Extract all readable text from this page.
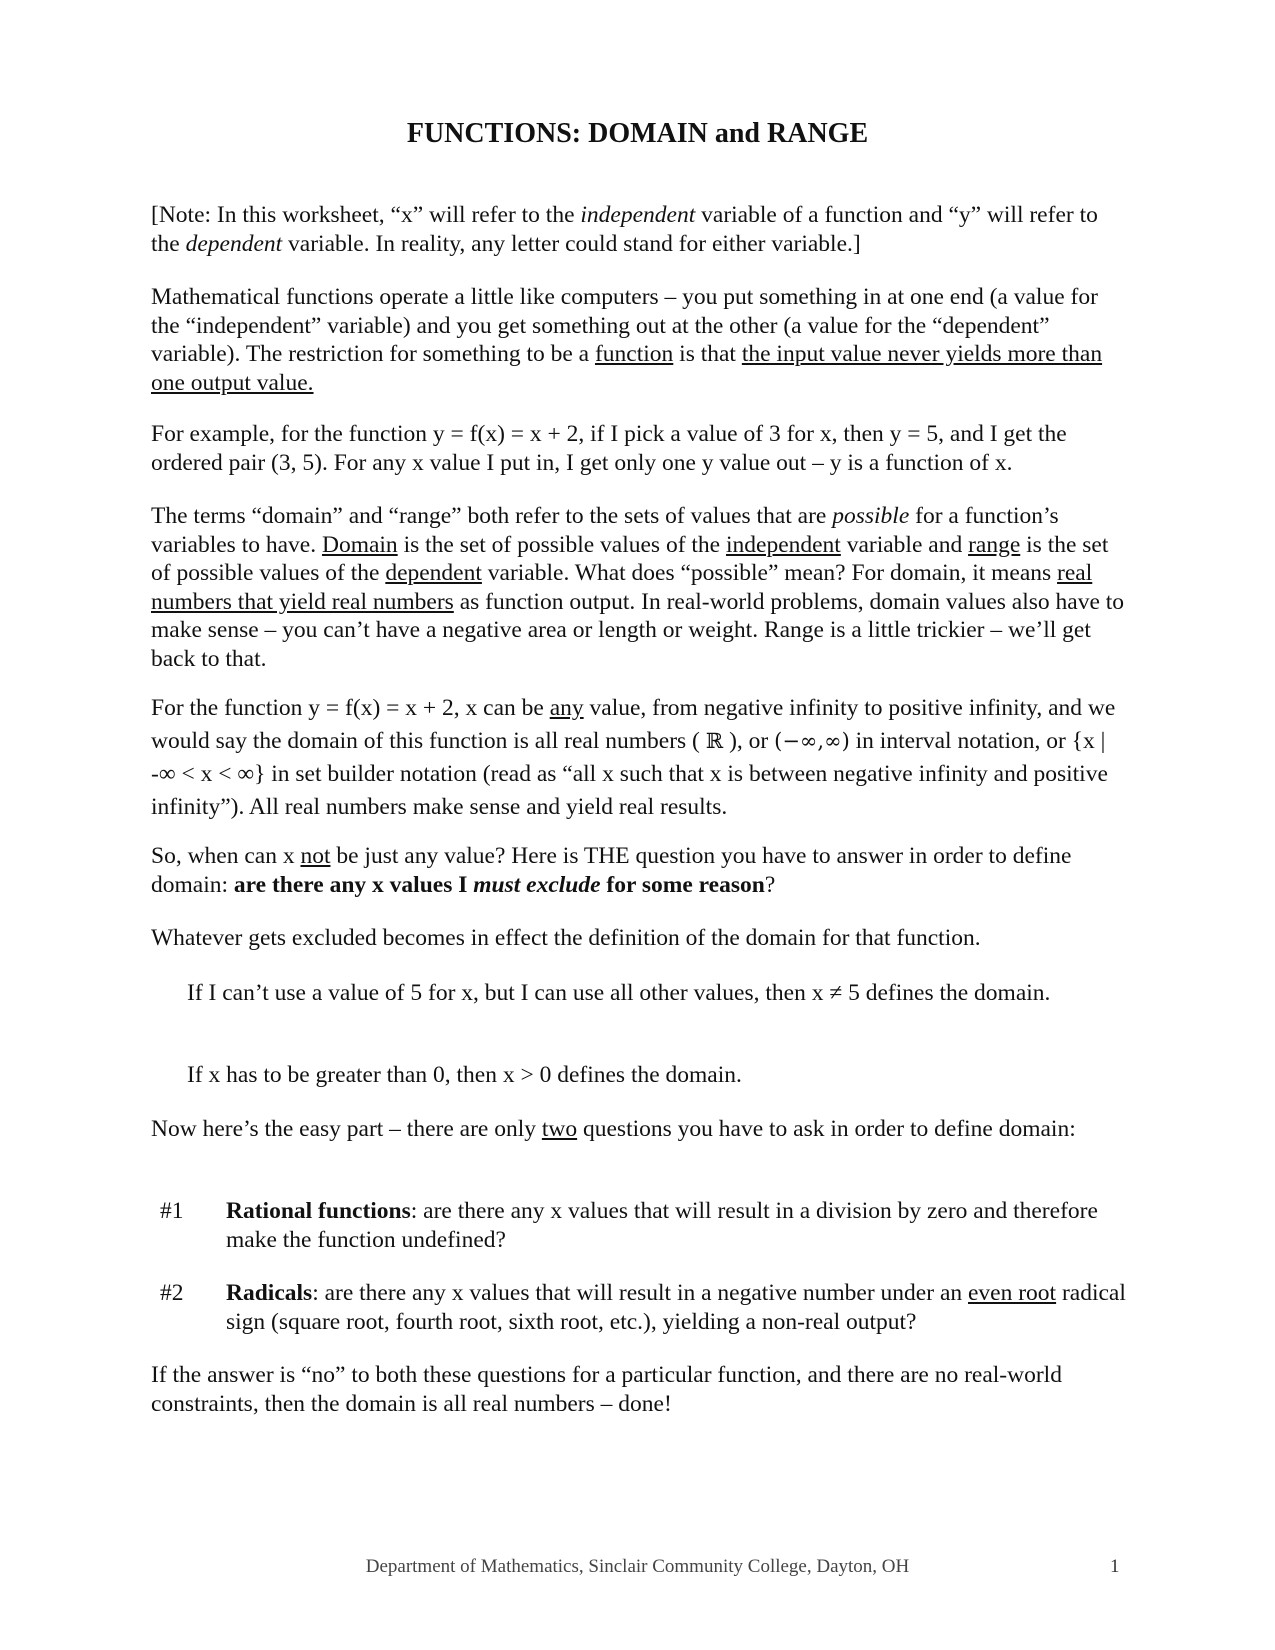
FUNCTIONS: DOMAIN and RANGE

[Note: In this worksheet, “x” will refer to the independent variable of a function and “y” will refer to the dependent variable. In reality, any letter could stand for either variable.]

Mathematical functions operate a little like computers – you put something in at one end (a value for the “independent” variable) and you get something out at the other (a value for the “dependent” variable). The restriction for something to be a function is that the input value never yields more than one output value.

For example, for the function y = f(x) = x + 2, if I pick a value of 3 for x, then y = 5, and I get the ordered pair (3, 5). For any x value I put in, I get only one y value out – y is a function of x.

The terms “domain” and “range” both refer to the sets of values that are possible for a function’s variables to have. Domain is the set of possible values of the independent variable and range is the set of possible values of the dependent variable. What does “possible” mean? For domain, it means real numbers that yield real numbers as function output. In real-world problems, domain values also have to make sense – you can’t have a negative area or length or weight. Range is a little trickier – we’ll get back to that.

For the function y = f(x) = x + 2, x can be any value, from negative infinity to positive infinity, and we would say the domain of this function is all real numbers ( ℝ ), or (−∞,∞) in interval notation, or {x | -∞ < x < ∞} in set builder notation (read as “all x such that x is between negative infinity and positive infinity”). All real numbers make sense and yield real results.

So, when can x not be just any value? Here is THE question you have to answer in order to define domain: are there any x values I must exclude for some reason?

Whatever gets excluded becomes in effect the definition of the domain for that function.

If I can’t use a value of 5 for x, but I can use all other values, then x ≠ 5 defines the domain.

If x has to be greater than 0, then x > 0 defines the domain.

Now here’s the easy part – there are only two questions you have to ask in order to define domain:

#1 Rational functions: are there any x values that will result in a division by zero and therefore make the function undefined?

#2 Radicals: are there any x values that will result in a negative number under an even root radical sign (square root, fourth root, sixth root, etc.), yielding a non-real output?

If the answer is “no” to both these questions for a particular function, and there are no real-world constraints, then the domain is all real numbers – done!

Department of Mathematics, Sinclair Community College, Dayton, OH	1
